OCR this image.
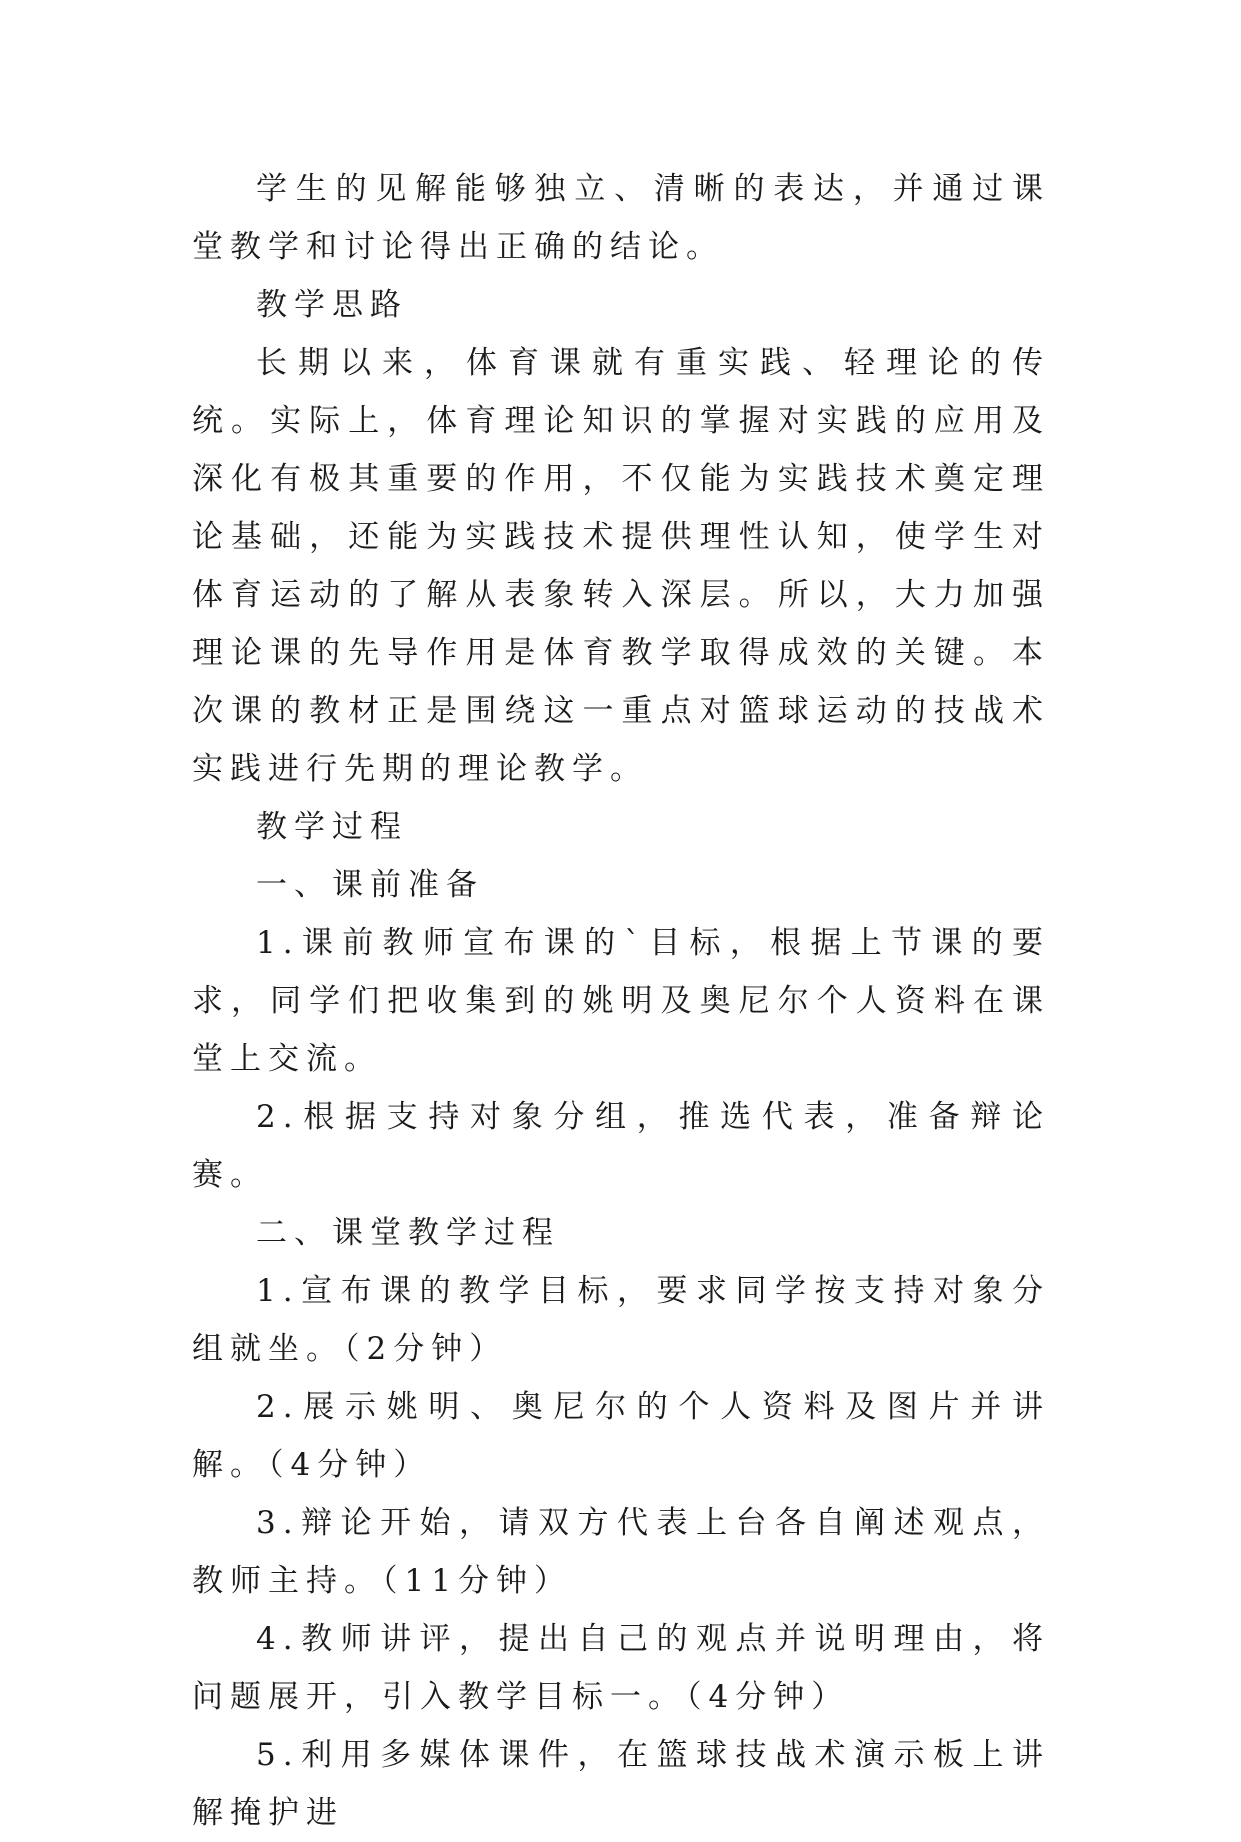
学生的见解能够独立、清晰的表达，并通过课堂教学和讨论得出正确的结论。

教学思路

长期以来，体育课就有重实践、轻理论的传统。实际上，体育理论知识的掌握对实践的应用及深化有极其重要的作用，不仅能为实践技术奠定理论基础，还能为实践技术提供理性认知，使学生对体育运动的了解从表象转入深层。所以，大力加强理论课的先导作用是体育教学取得成效的关键。本次课的教材正是围绕这一重点对篮球运动的技战术实践进行先期的理论教学。

教学过程

一、课前准备

1.课前教师宣布课的`目标，根据上节课的要求，同学们把收集到的姚明及奥尼尔个人资料在课堂上交流。

2.根据支持对象分组，推选代表，准备辩论赛。

二、课堂教学过程

1.宣布课的教学目标，要求同学按支持对象分组就坐。（2分钟）

2.展示姚明、奥尼尔的个人资料及图片并讲解。（4分钟）

3.辩论开始，请双方代表上台各自阐述观点，教师主持。（11分钟）

4.教师讲评，提出自己的观点并说明理由，将问题展开，引入教学目标一。（4分钟）

5.利用多媒体课件，在篮球技战术演示板上讲解掩护进
